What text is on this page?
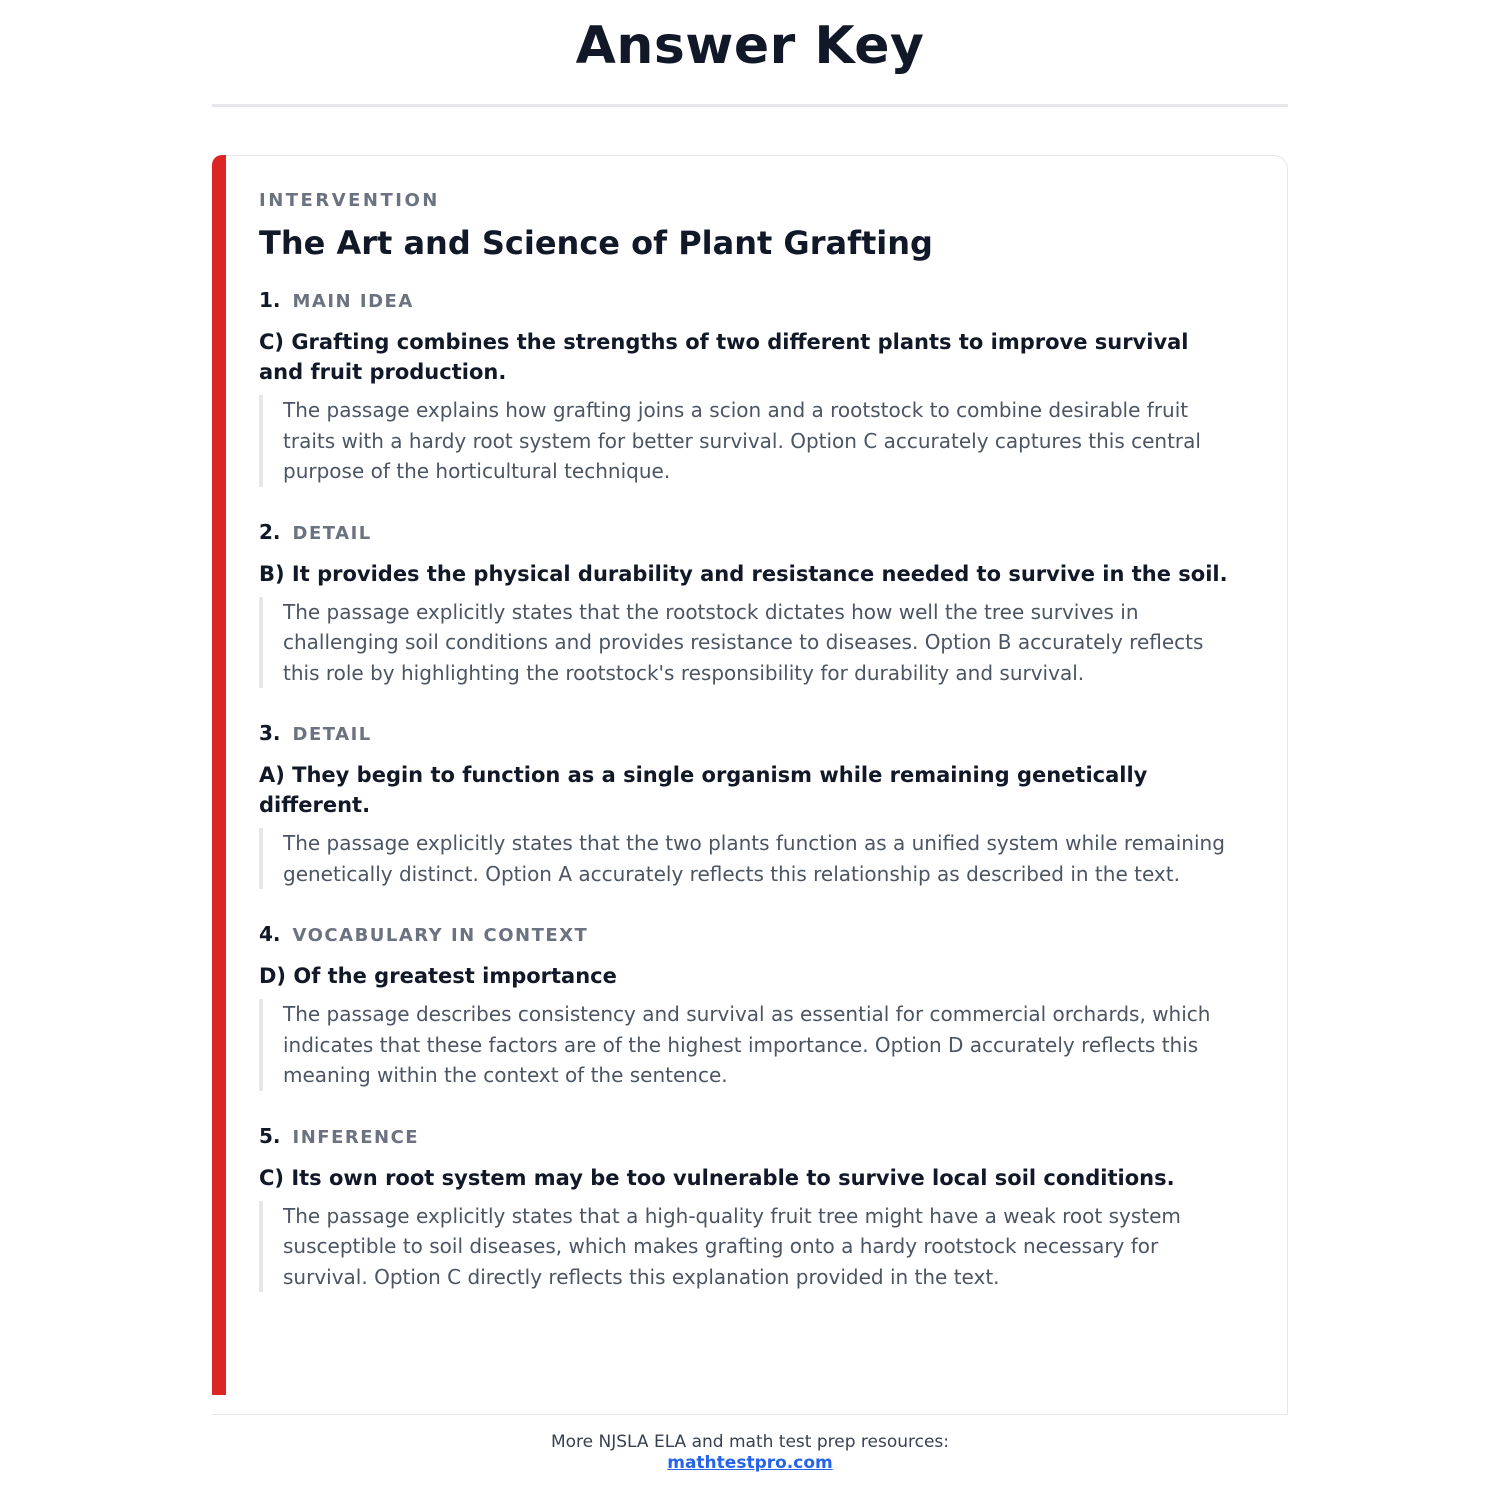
Answer Key

INTERVENTION

The Art and Science of Plant Grafting
1. MAIN IDEA
C) Grafting combines the strengths of two different plants to improve survival and fruit production.
The passage explains how grafting joins a scion and a rootstock to combine desirable fruit traits with a hardy root system for better survival. Option C accurately captures this central purpose of the horticultural technique.
2. DETAIL
B) It provides the physical durability and resistance needed to survive in the soil.
The passage explicitly states that the rootstock dictates how well the tree survives in challenging soil conditions and provides resistance to diseases. Option B accurately reflects this role by highlighting the rootstock's responsibility for durability and survival.
3. DETAIL
A) They begin to function as a single organism while remaining genetically different.
The passage explicitly states that the two plants function as a unified system while remaining genetically distinct. Option A accurately reflects this relationship as described in the text.
4. VOCABULARY IN CONTEXT
D) Of the greatest importance
The passage describes consistency and survival as essential for commercial orchards, which indicates that these factors are of the highest importance. Option D accurately reflects this meaning within the context of the sentence.
5. INFERENCE
C) Its own root system may be too vulnerable to survive local soil conditions.
The passage explicitly states that a high-quality fruit tree might have a weak root system susceptible to soil diseases, which makes grafting onto a hardy rootstock necessary for survival. Option C directly reflects this explanation provided in the text.
More NJSLA ELA and math test prep resources:
mathtestpro.com
